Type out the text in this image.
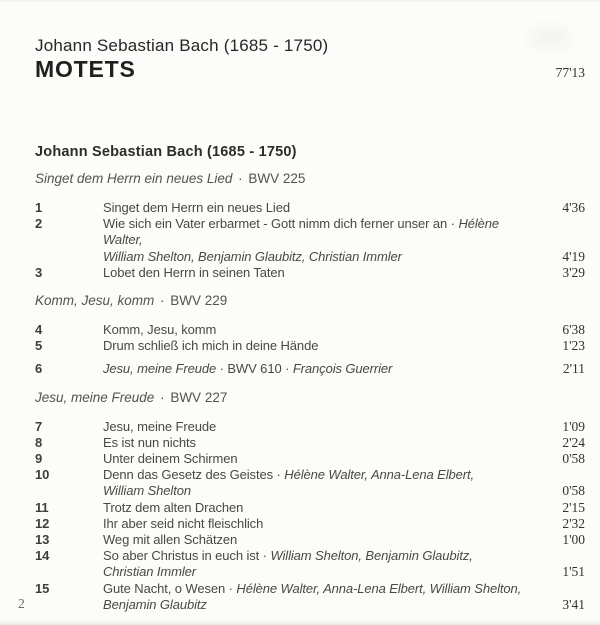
Johann Sebastian Bach (1685 - 1750)
MOTETS	77'13
Johann Sebastian Bach (1685 - 1750)
Singet dem Herrn ein neues Lied · BWV 225
1	Singet dem Herrn ein neues Lied	4'36
2	Wie sich ein Vater erbarmet - Gott nimm dich ferner unser an · Hélène Walter,
William Shelton, Benjamin Glaubitz, Christian Immler	4'19
3	Lobet den Herrn in seinen Taten	3'29
Komm, Jesu, komm · BWV 229
4	Komm, Jesu, komm	6'38
5	Drum schließ ich mich in deine Hände	1'23
6	Jesu, meine Freude · BWV 610 · François Guerrier	2'11
Jesu, meine Freude · BWV 227
7	Jesu, meine Freude	1'09
8	Es ist nun nichts	2'24
9	Unter deinem Schirmen	0'58
10	Denn das Gesetz des Geistes · Hélène Walter, Anna-Lena Elbert,
William Shelton	0'58
11	Trotz dem alten Drachen	2'15
12	Ihr aber seid nicht fleischlich	2'32
13	Weg mit allen Schätzen	1'00
14	So aber Christus in euch ist · William Shelton, Benjamin Glaubitz,
Christian Immler	1'51
15	Gute Nacht, o Wesen · Hélène Walter, Anna-Lena Elbert, William Shelton,
Benjamin Glaubitz	3'41
2
